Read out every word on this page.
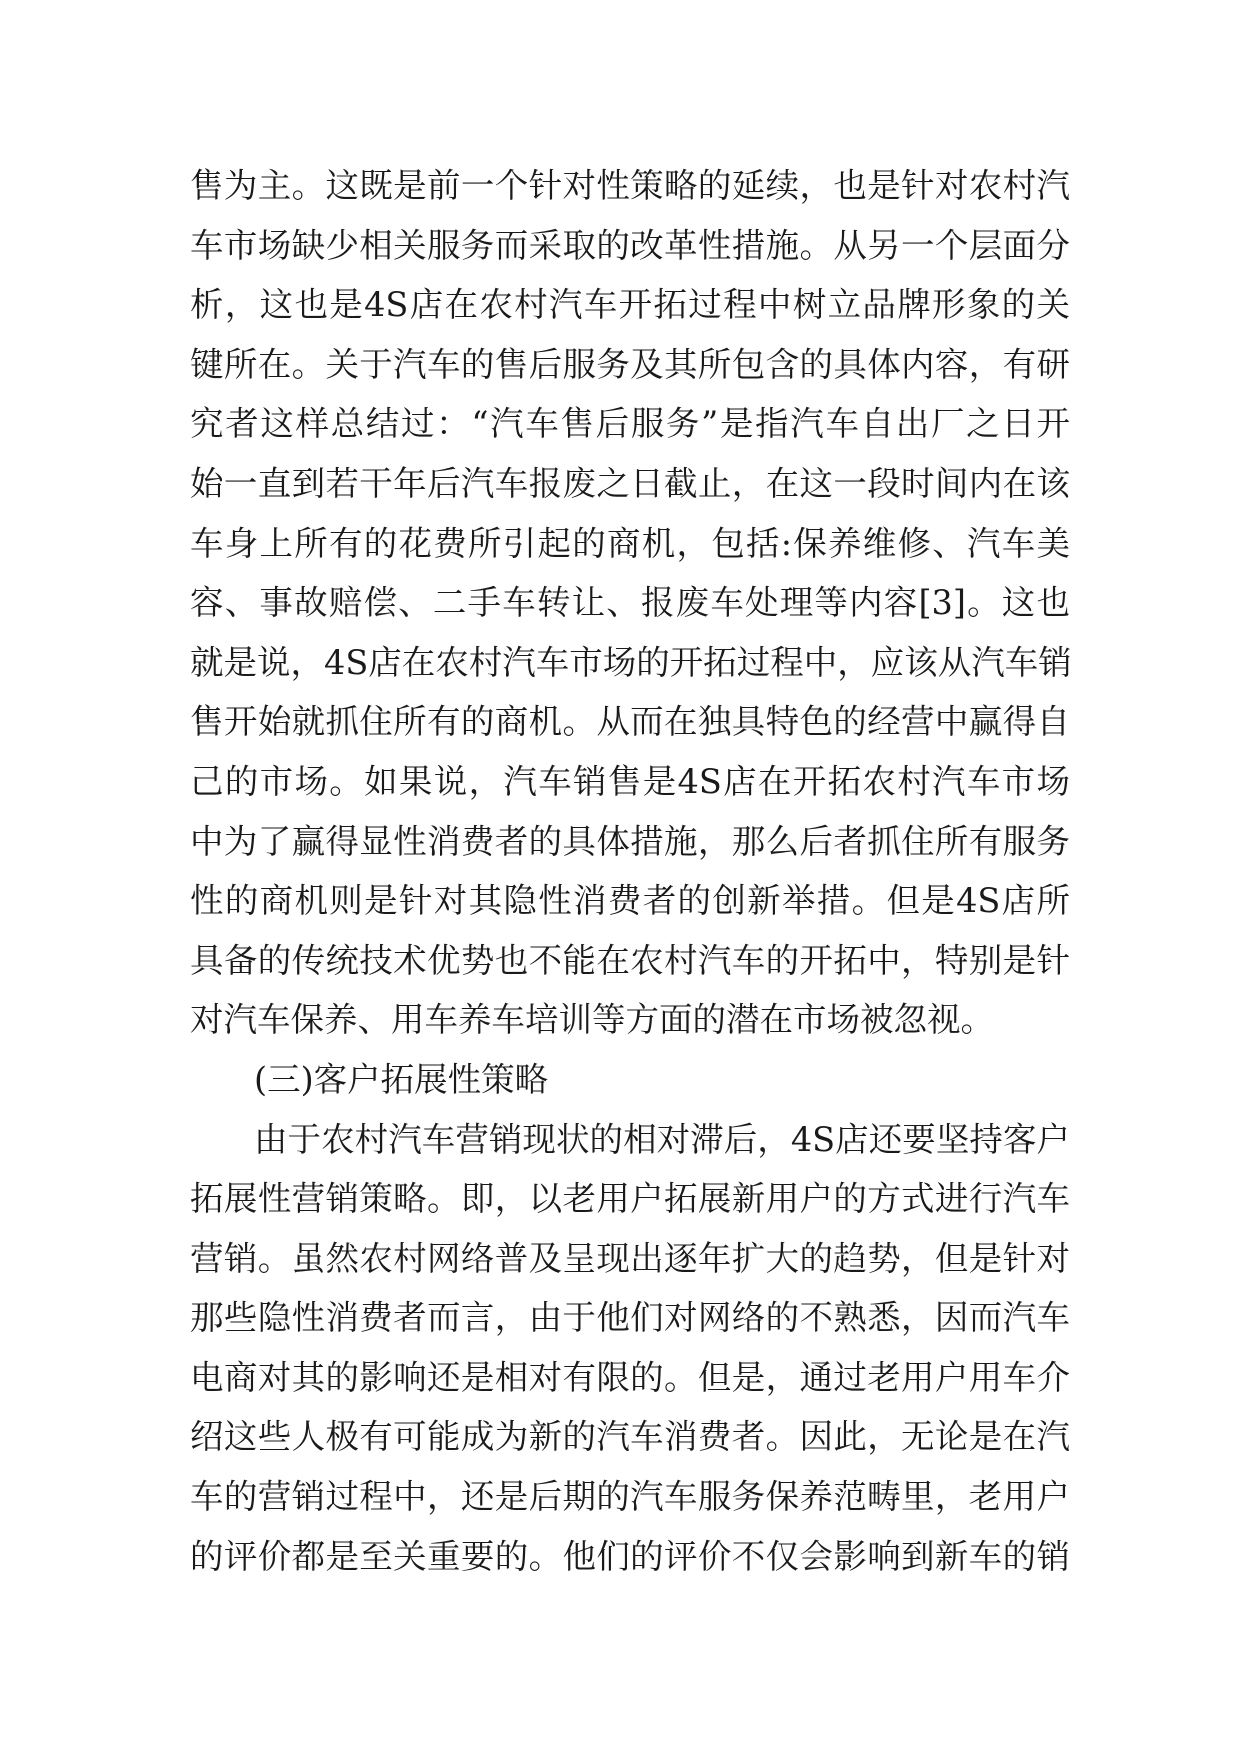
售为主。这既是前一个针对性策略的延续，也是针对农村汽
车市场缺少相关服务而采取的改革性措施。从另一个层面分
析，这也是4S店在农村汽车开拓过程中树立品牌形象的关
键所在。关于汽车的售后服务及其所包含的具体内容，有研
究者这样总结过：“汽车售后服务”是指汽车自出厂之日开
始一直到若干年后汽车报废之日截止，在这一段时间内在该
车身上所有的花费所引起的商机，包括:保养维修、汽车美
容、事故赔偿、二手车转让、报废车处理等内容[3]。这也
就是说，4S店在农村汽车市场的开拓过程中，应该从汽车销
售开始就抓住所有的商机。从而在独具特色的经营中赢得自
己的市场。如果说，汽车销售是4S店在开拓农村汽车市场
中为了赢得显性消费者的具体措施，那么后者抓住所有服务
性的商机则是针对其隐性消费者的创新举措。但是4S店所
具备的传统技术优势也不能在农村汽车的开拓中，特别是针
对汽车保养、用车养车培训等方面的潜在市场被忽视。
(三)客户拓展性策略
由于农村汽车营销现状的相对滞后，4S店还要坚持客户
拓展性营销策略。即，以老用户拓展新用户的方式进行汽车
营销。虽然农村网络普及呈现出逐年扩大的趋势，但是针对
那些隐性消费者而言，由于他们对网络的不熟悉，因而汽车
电商对其的影响还是相对有限的。但是，通过老用户用车介
绍这些人极有可能成为新的汽车消费者。因此，无论是在汽
车的营销过程中，还是后期的汽车服务保养范畴里，老用户
的评价都是至关重要的。他们的评价不仅会影响到新车的销
